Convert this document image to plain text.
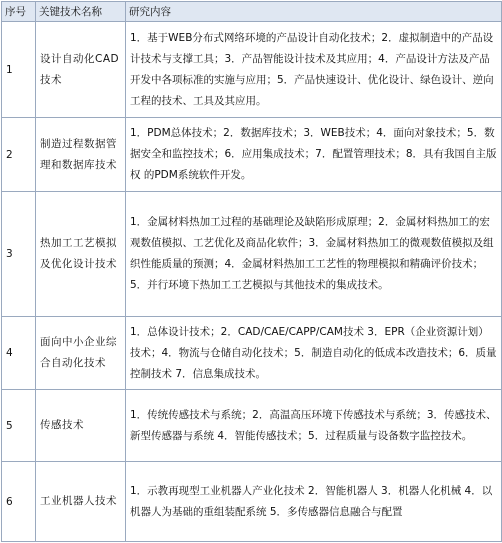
序号	关键技术名称	研究内容
1	设计自动化CAD技术	1．基于WEB分布式网络环境的产品设计自动化技术；2．虚拟制造中的产品设计技术与支撑工具；3．产品智能设计技术及其应用；4．产品设计方法及产品开发中各项标准的实施与应用；5．产品快速设计、优化设计、绿色设计、逆向工程的技术、工具及其应用。
2	制造过程数据管理和数据库技术	1．PDM总体技术；2．数据库技术；3．WEB技术；4．面向对象技术；5．数据安全和监控技术；6．应用集成技术；7．配置管理技术；8．具有我国自主版权 的PDM系统软件开发。
3	热加工工艺模拟及优化设计技术	1．金属材料热加工过程的基础理论及缺陷形成原理；2．金属材料热加工的宏观数值模拟、工艺优化及商品化软件；3．金属材料热加工的微观数值模拟及组织性能质量的预测；4．金属材料热加工工艺性的物理模拟和精确评价技术；5．并行环境下热加工工艺模拟与其他技术的集成技术。
4	面向中小企业综合自动化技术	1．总体设计技术；2．CAD/CAE/CAPP/CAM技术 3．EPR（企业资源计划）技术；4．物流与仓储自动化技术；5．制造自动化的低成本改造技术；6．质量控制技术 7．信息集成技术。
5	传感技术	1．传统传感技术与系统；2．高温高压环境下传感技术与系统；3．传感技术、新型传感器与系统 4．智能传感技术；5．过程质量与设备数字监控技术。
6	工业机器人技术	1．示教再现型工业机器人产业化技术 2．智能机器人 3．机器人化机械 4．以机器人为基础的重组装配系统 5．多传感器信息融合与配置
